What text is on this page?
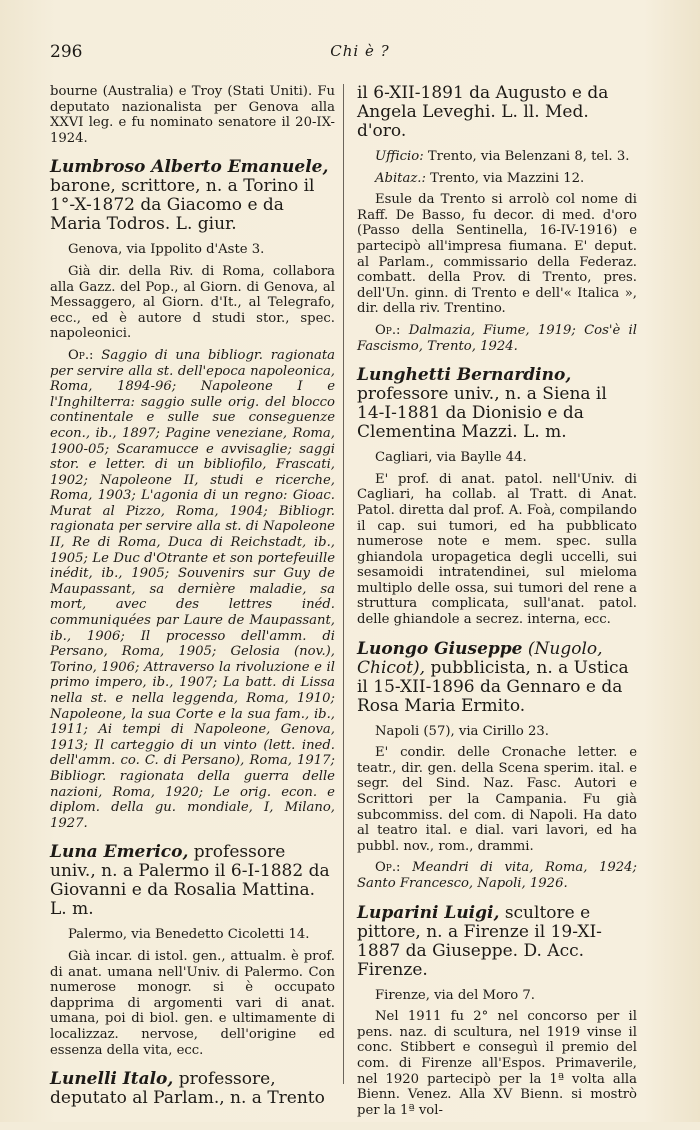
Chi è ?
296

bourne (Australia) e Troy (Stati Uniti). Fu deputato nazionalista per Genova alla XXVI leg. e fu nominato senatore il 20-IX-1924.

Lumbroso Alberto Emanuele, barone, scrittore, n. a Torino il 1°-X-1872 da Giacomo e da Maria Todros. L. giur.

Genova, via Ippolito d'Aste 3.

Già dir. della Riv. di Roma, collabora alla Gazz. del Pop., al Giorn. di Genova, al Messaggero, al Giorn. d'It., al Telegrafo, ecc., ed è autore d studi stor., spec. napoleonici.

Op.: Saggio di una bibliogr. ragionata per servire alla st. dell'epoca napoleonica, Roma, 1894-96; Napoleone I e l'Inghilterra: saggio sulle orig. del blocco continentale e sulle sue conseguenze econ., ib., 1897; Pagine veneziane, Roma, 1900-05; Scaramucce e avvisaglie; saggi stor. e letter. di un bibliofilo, Frascati, 1902; Napoleone II, studi e ricerche, Roma, 1903; L'agonia di un regno: Gioac. Murat al Pizzo, Roma, 1904; Bibliogr. ragionata per servire alla st. di Napoleone II, Re di Roma, Duca di Reichstadt, ib., 1905; Le Duc d'Otrante et son portefeuille inédit, ib., 1905; Souvenirs sur Guy de Maupassant, sa dernière maladie, sa mort, avec des lettres inéd. communiquées par Laure de Maupassant, ib., 1906; Il processo dell'amm. di Persano, Roma, 1905; Gelosia (nov.), Torino, 1906; Attraverso la rivoluzione e il primo impero, ib., 1907; La batt. di Lissa nella st. e nella leggenda, Roma, 1910; Napoleone, la sua Corte e la sua fam., ib., 1911; Ai tempi di Napoleone, Genova, 1913; Il carteggio di un vinto (lett. ined. dell'amm. co. C. di Persano), Roma, 1917; Bibliogr. ragionata della guerra delle nazioni, Roma, 1920; Le orig. econ. e diplom. della gu. mondiale, I, Milano, 1927.

Luna Emerico, professore univ., n. a Palermo il 6-I-1882 da Giovanni e da Rosalia Mattina. L. m.

Palermo, via Benedetto Cicoletti 14.

Già incar. di istol. gen., attualm. è prof. di anat. umana nell'Univ. di Palermo. Con numerose monogr. si è occupato dapprima di argomenti vari di anat. umana, poi di biol. gen. e ultimamente di localizzaz. nervose, dell'origine ed essenza della vita, ecc.

Lunelli Italo, professore, deputato al Parlam., n. a Trento
il 6-XII-1891 da Augusto e da Angela Leveghi. L. ll. Med. d'oro.

Ufficio: Trento, via Belenzani 8, tel. 3.

Abitaz.: Trento, via Mazzini 12.

Esule da Trento si arrolò col nome di Raff. De Basso, fu decor. di med. d'oro (Passo della Sentinella, 16-IV-1916) e partecipò all'impresa fiumana. E' deput. al Parlam., commissario della Federaz. combatt. della Prov. di Trento, pres. dell'Un. ginn. di Trento e dell'« Italica », dir. della riv. Trentino.

Op.: Dalmazia, Fiume, 1919; Cos'è il Fascismo, Trento, 1924.

Lunghetti Bernardino, professore univ., n. a Siena il 14-I-1881 da Dionisio e da Clementina Mazzi. L. m.

Cagliari, via Baylle 44.

E' prof. di anat. patol. nell'Univ. di Cagliari, ha collab. al Tratt. di Anat. Patol. diretta dal prof. A. Foà, compilando il cap. sui tumori, ed ha pubblicato numerose note e mem. spec. sulla ghiandola uropagetica degli uccelli, sui sesamoidi intratendinei, sul mieloma multiplo delle ossa, sui tumori del rene a struttura complicata, sull'anat. patol. delle ghiandole a secrez. interna, ecc.

Luongo Giuseppe (Nugolo, Chicot), pubblicista, n. a Ustica il 15-XII-1896 da Gennaro e da Rosa Maria Ermito.

Napoli (57), via Cirillo 23.

E' condir. delle Cronache letter. e teatr., dir. gen. della Scena sperim. ital. e segr. del Sind. Naz. Fasc. Autori e Scrittori per la Campania. Fu già subcommiss. del com. di Napoli. Ha dato al teatro ital. e dial. vari lavori, ed ha pubbl. nov., rom., drammi.

Op.: Meandri di vita, Roma, 1924; Santo Francesco, Napoli, 1926.

Luparini Luigi, scultore e pittore, n. a Firenze il 19-XI-1887 da Giuseppe. D. Acc. Firenze.

Firenze, via del Moro 7.

Nel 1911 fu 2° nel concorso per il pens. naz. di scultura, nel 1919 vinse il conc. Stibbert e conseguì il premio del com. di Firenze all'Espos. Primaverile, nel 1920 partecipò per la 1ª volta alla Bienn. Venez. Alla XV Bienn. si mostrò per la 1ª vol-
